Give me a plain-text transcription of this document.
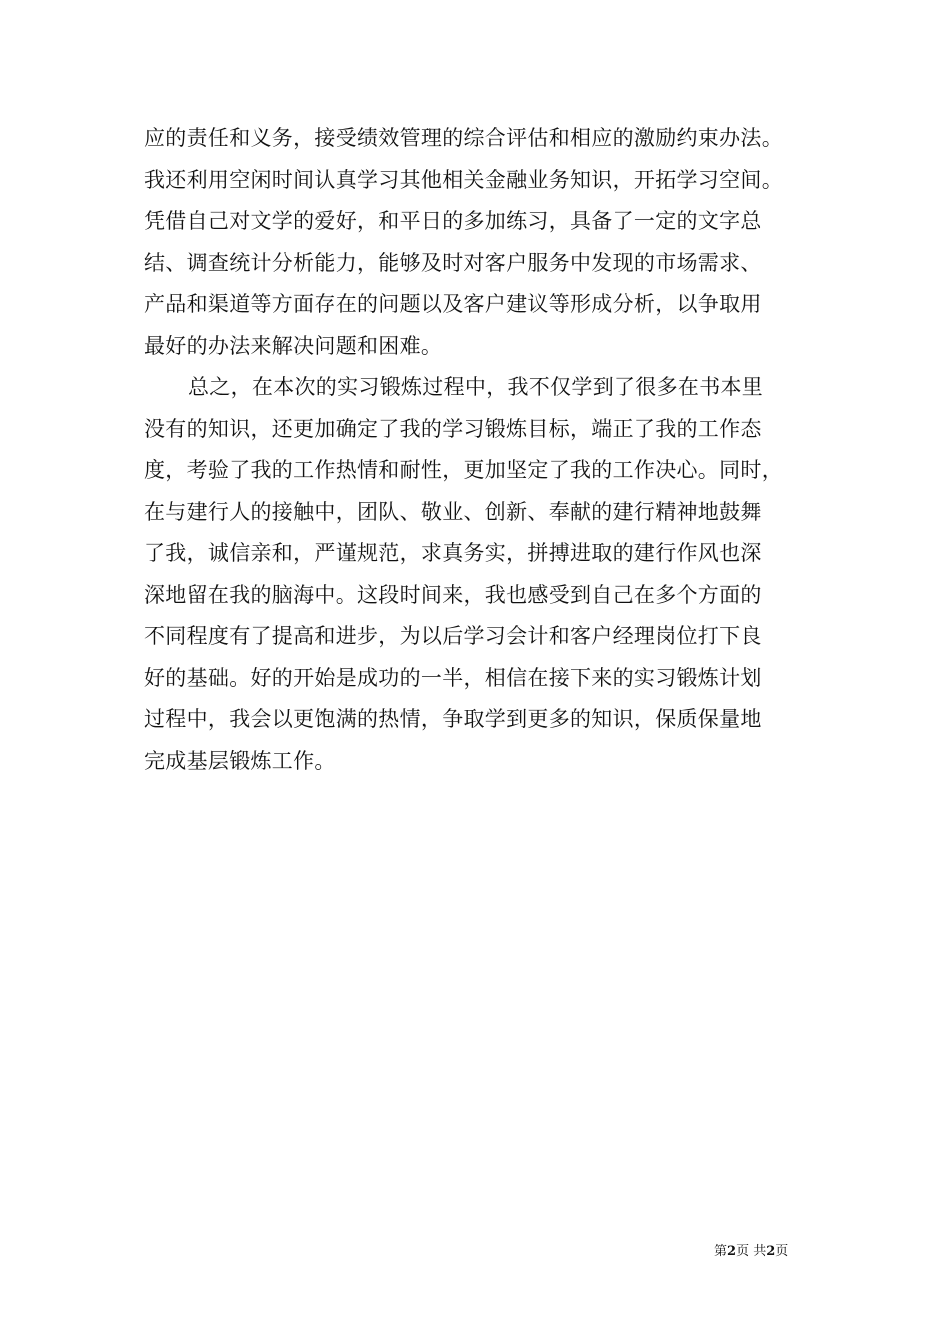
应的责任和义务，接受绩效管理的综合评估和相应的激励约束办法。
我还利用空闲时间认真学习其他相关金融业务知识，开拓学习空间。
凭借自己对文学的爱好，和平日的多加练习，具备了一定的文字总
结、调查统计分析能力，能够及时对客户服务中发现的市场需求、
产品和渠道等方面存在的问题以及客户建议等形成分析，以争取用
最好的办法来解决问题和困难。
总之，在本次的实习锻炼过程中，我不仅学到了很多在书本里
没有的知识，还更加确定了我的学习锻炼目标，端正了我的工作态
度，考验了我的工作热情和耐性，更加坚定了我的工作决心。同时，
在与建行人的接触中，团队、敬业、创新、奉献的建行精神地鼓舞
了我，诚信亲和，严谨规范，求真务实，拼搏进取的建行作风也深
深地留在我的脑海中。这段时间来，我也感受到自己在多个方面的
不同程度有了提高和进步，为以后学习会计和客户经理岗位打下良
好的基础。好的开始是成功的一半，相信在接下来的实习锻炼计划
过程中，我会以更饱满的热情，争取学到更多的知识，保质保量地
完成基层锻炼工作。
第2页 共2页
